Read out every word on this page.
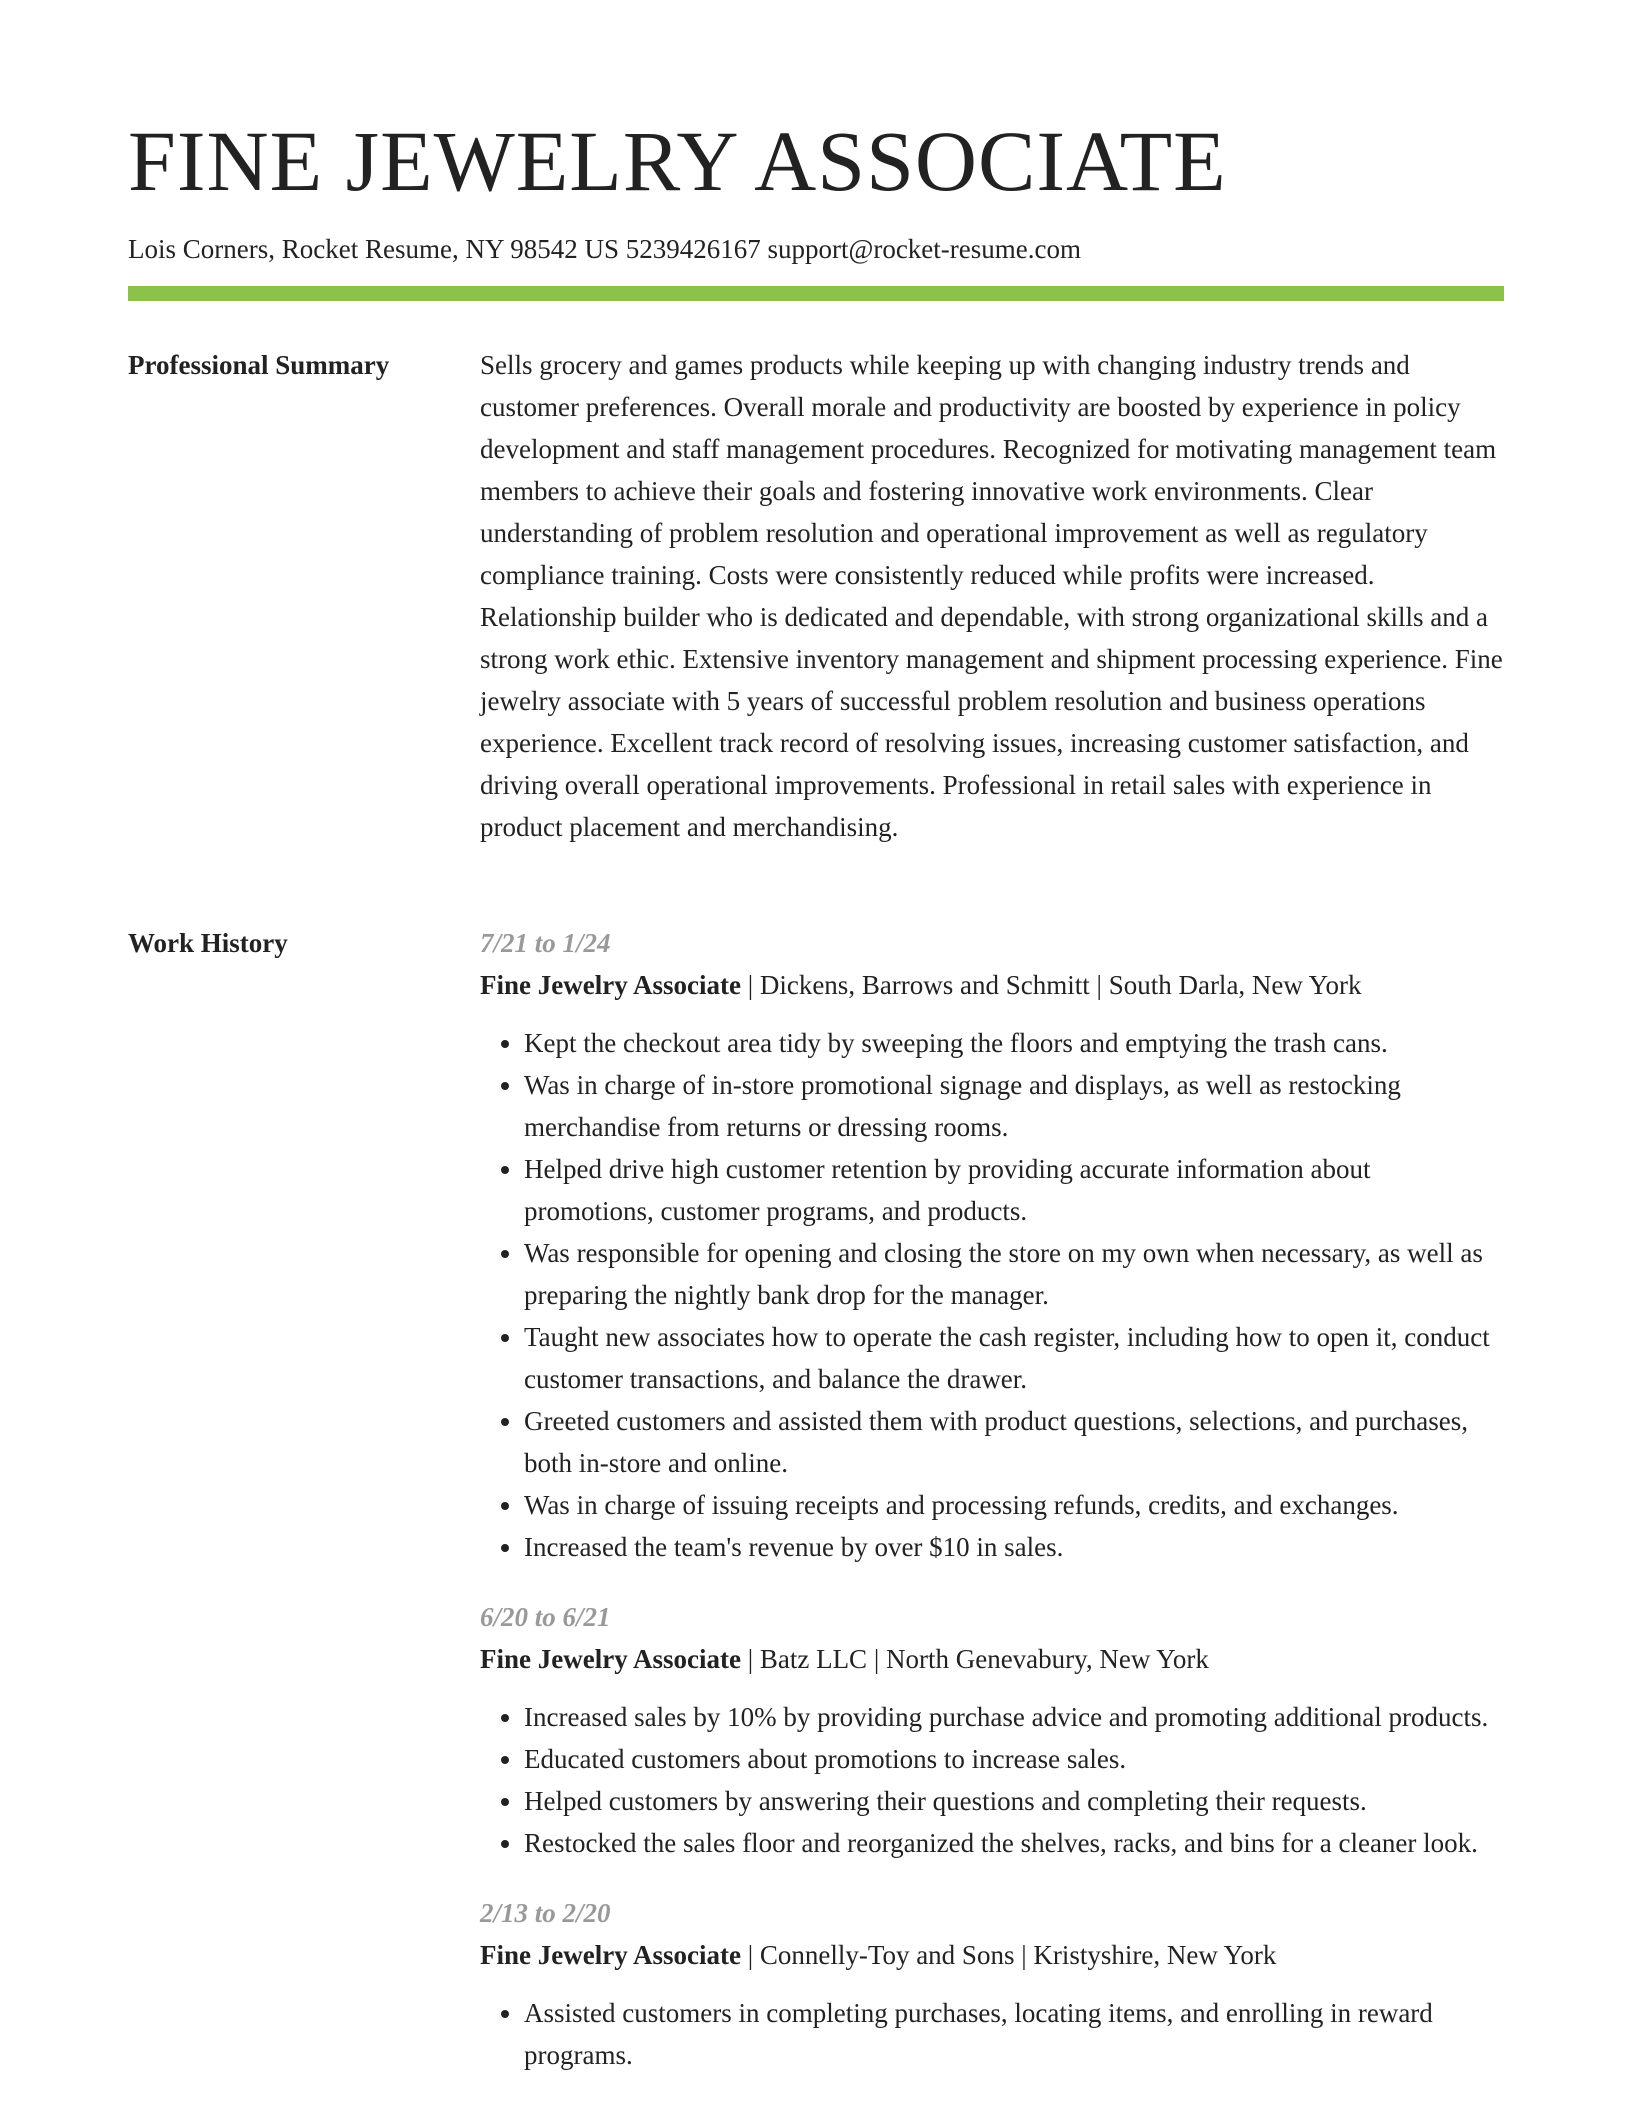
FINE JEWELRY ASSOCIATE
Lois Corners, Rocket Resume, NY 98542 US 5239426167 support@rocket-resume.com
Professional Summary	Sells grocery and games products while keeping up with changing industry trends and customer preferences. Overall morale and productivity are boosted by experience in policy development and staff management procedures. Recognized for motivating management team members to achieve their goals and fostering innovative work environments. Clear understanding of problem resolution and operational improvement as well as regulatory compliance training. Costs were consistently reduced while profits were increased. Relationship builder who is dedicated and dependable, with strong organizational skills and a strong work ethic. Extensive inventory management and shipment processing experience. Fine jewelry associate with 5 years of successful problem resolution and business operations experience. Excellent track record of resolving issues, increasing customer satisfaction, and driving overall operational improvements. Professional in retail sales with experience in product placement and merchandising.

Work History	7/21 to 1/24
Fine Jewelry Associate | Dickens, Barrows and Schmitt | South Darla, New York
• Kept the checkout area tidy by sweeping the floors and emptying the trash cans.
• Was in charge of in-store promotional signage and displays, as well as restocking merchandise from returns or dressing rooms.
• Helped drive high customer retention by providing accurate information about promotions, customer programs, and products.
• Was responsible for opening and closing the store on my own when necessary, as well as preparing the nightly bank drop for the manager.
• Taught new associates how to operate the cash register, including how to open it, conduct customer transactions, and balance the drawer.
• Greeted customers and assisted them with product questions, selections, and purchases, both in-store and online.
• Was in charge of issuing receipts and processing refunds, credits, and exchanges.
• Increased the team's revenue by over $10 in sales.
6/20 to 6/21
Fine Jewelry Associate | Batz LLC | North Genevabury, New York
• Increased sales by 10% by providing purchase advice and promoting additional products.
• Educated customers about promotions to increase sales.
• Helped customers by answering their questions and completing their requests.
• Restocked the sales floor and reorganized the shelves, racks, and bins for a cleaner look.
2/13 to 2/20
Fine Jewelry Associate | Connelly-Toy and Sons | Kristyshire, New York
• Assisted customers in completing purchases, locating items, and enrolling in reward programs.
